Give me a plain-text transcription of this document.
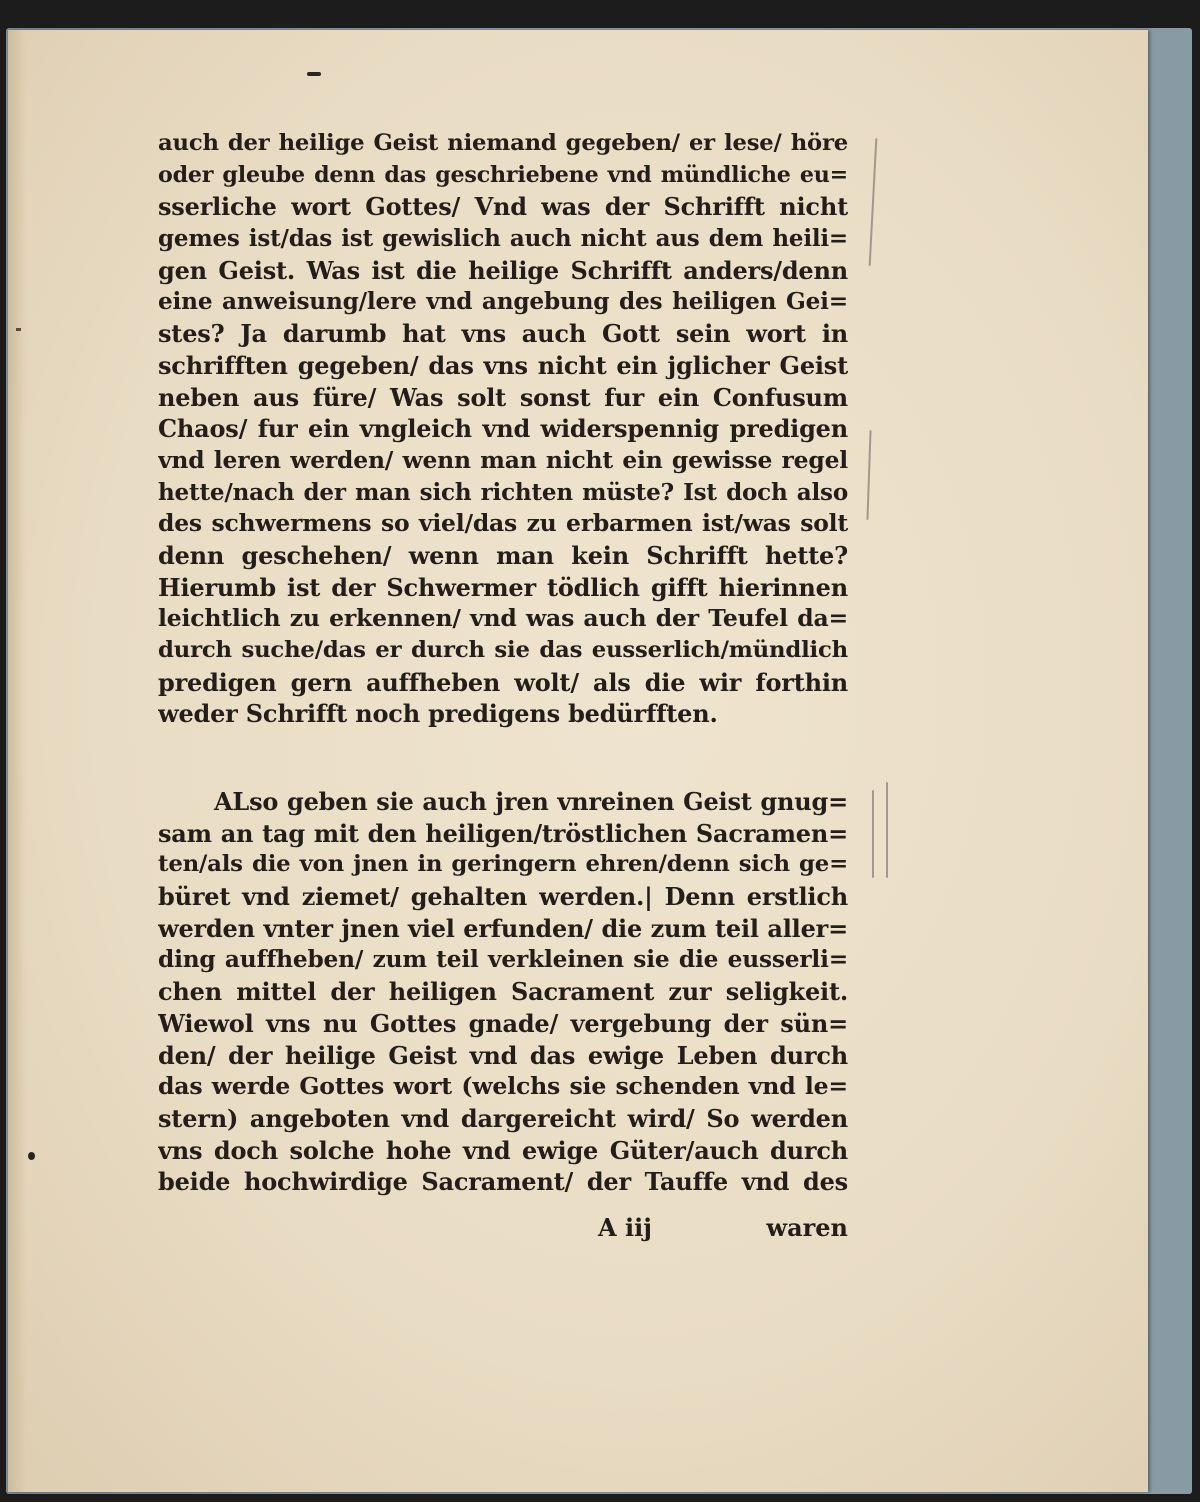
auch der heilige Geist niemand gegeben/ er lese/ höre
oder gleube denn das geschriebene vnd mündliche eu=
sserliche wort Gottes/ Vnd was der Schrifft nicht
gemes ist/das ist gewislich auch nicht aus dem heili=
gen Geist. Was ist die heilige Schrifft anders/denn
eine anweisung/lere vnd angebung des heiligen Gei=
stes? Ja darumb hat vns auch Gott sein wort in
schrifften gegeben/ das vns nicht ein jglicher Geist
neben aus füre/ Was solt sonst fur ein Confusum
Chaos/ fur ein vngleich vnd widerspennig predigen
vnd leren werden/ wenn man nicht ein gewisse regel
hette/nach der man sich richten müste? Ist doch also
des schwermens so viel/das zu erbarmen ist/was solt
denn geschehen/ wenn man kein Schrifft hette?
Hierumb ist der Schwermer tödlich gifft hierinnen
leichtlich zu erkennen/ vnd was auch der Teufel da=
durch suche/das er durch sie das eusserlich/mündlich
predigen gern auffheben wolt/ als die wir forthin
weder Schrifft noch predigens bedürfften.
ALso geben sie auch jren vnreinen Geist gnug=
sam an tag mit den heiligen/tröstlichen Sacramen=
ten/als die von jnen in geringern ehren/denn sich ge=
büret vnd ziemet/ gehalten werden.| Denn erstlich
werden vnter jnen viel erfunden/ die zum teil aller=
ding auffheben/ zum teil verkleinen sie die eusserli=
chen mittel der heiligen Sacrament zur seligkeit.
Wiewol vns nu Gottes gnade/ vergebung der sün=
den/ der heilige Geist vnd das ewige Leben durch
das werde Gottes wort (welchs sie schenden vnd le=
stern) angeboten vnd dargereicht wird/ So werden
vns doch solche hohe vnd ewige Güter/auch durch
beide hochwirdige Sacrament/ der Tauffe vnd des
A iij	waren
